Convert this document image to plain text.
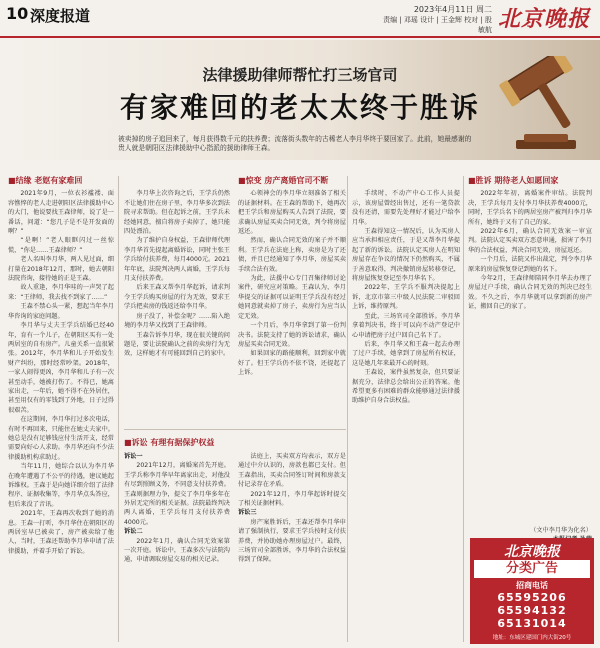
10 深度报道	2023年4月11日 周二
责编 | 邓瑶 设计 | 王金辉 校对 | 股敏航 北京晚报
法律援助律师帮忙打三场官司
有家难回的老太太终于胜诉
被卖掉的房子追回来了，每月获得数千元的扶养费；流落街头数年的古稀老人李月华终于要回家了。此前，她最感谢的贵人就是朝阳区法律援助中心指派的援助律师王森。
■结缘
老妪有家难回

2021年9月，一位衣衫褴褛、面容憔悴的老人走进朝阳区法律援助中心的大门，他说要找王森律师，说了是一番话，问道：“您几子是不是开发面的啊？”

“是啊！”老人眼眶闪过一丝惊慌，“你是……王森律师？”

老人名叫李月华，两人见过面，细打量在2018年12月，那时，她去朝阳法院咨询，接待她的正是王森。

故人重逢，李月华哇的一声哭了起来：“王律师，我去找不到家了……”

王森不禁心头一紧，想起当年李月华咨询的家庭问题。

李月华与丈夫王学兵结婚已经40年，育有一个儿子，在朝阳区买有一处两居室的自有房产。儿童关系一直很紧张。2012年，李月华和儿子开始发生财产纠纷，那时经常吵架。2018年，一家人闹得更凶，李月华和儿子有一次甚至动手，她被打伤了。不得已，她离家出走，一年后，她不得不在外居住，甚至用仅有的零钱到了外地，日子过得很艰苦。

在这期间，李月华打过多次电话，有时不再回来，只能住在她丈夫家中。她总是没有足够钱应付生活开支，经常需要向好心人求助。李月华还向不少法律援助机构求助过。

当年11月，她综合以认为李月华在晚年遭遇了不公平的待遇，建议她起诉维权。王森于是向她详细介绍了法律程序、证据收集等，李月华点头答应，但后来没了音讯。

2021年，王森再次收到了她的消息。王森一打听，李月华住在朝阳区的两居室早已被卖了，房产被卖给了他人，当时，王森还帮助李月华申请了法律援助，并着手开始了诉讼。

李月华上次咨询之后，王学兵仍然不让她们住在房子里，李月华多次到法院寻求帮助。但在起诉之前，王学兵未经她同意，擅自将房子卖掉了，她只能四处漂泊。

为了维护自身权益，王森律师代理李月华首先提起离婚诉讼，同时主张王学兵给付扶养费，每月4000元。2021年年底，法院判决两人离婚，王学兵每月支付扶养费。

后来王森又帮李月华起诉，请求判令王学兵购买房屋的行为无效，要求王学兵把卖房的钱返还给李月华。

房子没了，补偿金呢？……陷入绝境的李月华又找到了王森律师。

王森告诉李月华，现在很关键的问题是，要让法院确认之前的卖房行为无效，这样她才有可能回到自己的家中。

■惊变
房产离婚官司不断

心领神会的李月华立刻准备了相关的证据材料。在王森的帮助下，她再次把王学兵和房屋购买人告到了法院，要求确认房屋买卖合同无效，判令将房屋返还。

然而，确认合同无效的案子并不顺利。王学兵在法庭上称，卖房是为了还债，并且已经通知了李月华，房屋买卖手续合法有效。

为此，法援中心专门召集律师讨论案件，研究应对策略。王森认为，李月华提交的证据可以证明王学兵没有经过她同意就卖掉了房子，卖房行为应当认定无效。

一个月后，李月华拿到了第一份判决书。法院支持了她的诉讼请求，确认房屋买卖合同无效。

如果回家的路能顺利，回到家中就好了。但王学兵仍不依不饶，还提起了上诉。

手续时，不动产中心工作人员提示，该房屋曾经出售过，还有一笔贷款没有还清，需要先处理好才能过户给李月华。

王森得知这一情况后，认为买房人应当承担相应责任，于是又帮李月华提起了新的诉讼。法院认定买房人在明知房屋存在争议的情况下仍然购买，不属于善意取得，判决撤销房屋转移登记，将房屋恢复登记至李月华名下。

2022年，王学兵不服判决提起上诉，北京市第三中级人民法院二审驳回上诉，维持原判。

至此，三场官司全部胜诉。李月华拿着判决书，终于可以向不动产登记中心申请把房子过户回自己名下了。

后来，李月华又和王森一起去办理了过户手续，她拿到了房屋所有权证，这是她几年来最开心的时刻。

王森说，案件虽然复杂，但只要证据充分，法律总会给出公正的答案。他希望更多有困难的群众能够通过法律援助维护自身合法权益。

■胜诉
期待老人如愿回家

2022年年初，离婚案件审结。法院判决，王学兵每月支付李月华扶养费4000元，同时，王学兵名下的两居室房产被判归李月华所有，她终于又有了自己的家。

2022年6月，确认合同无效案一审宣判。法院认定买卖双方恶意串通，损害了李月华的合法权益，判决合同无效，房屋返还。

一个月后，法院又作出裁定，判令李月华原来的房屋恢复登记到她的名下。

今年2月，王森律师陪同李月华去办理了房屋过户手续，确认合同无效的判决已经生效。不久之后，李月华就可以拿到新的房产证，搬回自己的家了。

■诉讼
有理有据保护权益

诉讼一

2021年12月，离婚案首先开庭。王学兵称李月华早年离家出走，对他没有尽到照顾义务，不同意支付扶养费。王森则据理力争，提交了李月华多年在外居无定所的相关证据。法院最终判决两人离婚，王学兵每月支付扶养费4000元。

诉讼二

2022年1月，确认合同无效案第一次开庭。诉讼中，王森多次与法院沟通，申请调取房屋交易的相关记录。

法庭上，买卖双方均表示，双方是通过中介认识的，房款也都已支付。但王森指出，买卖合同签订时间和房款支付记录存在矛盾。

2021年12月，李月华起诉时提交了相关证据材料。

诉讼三

房产案胜诉后，王森还帮李月华申请了强制执行，要求王学兵按时支付扶养费，并协助她办理房屋过户。最终，三场官司全部胜诉，李月华的合法权益得到了保障。

（文中李月华为化名）
北京晚报
分类广告
招商电话
65595206
65594132
65131014
地址：东城区建国门内大街20号
